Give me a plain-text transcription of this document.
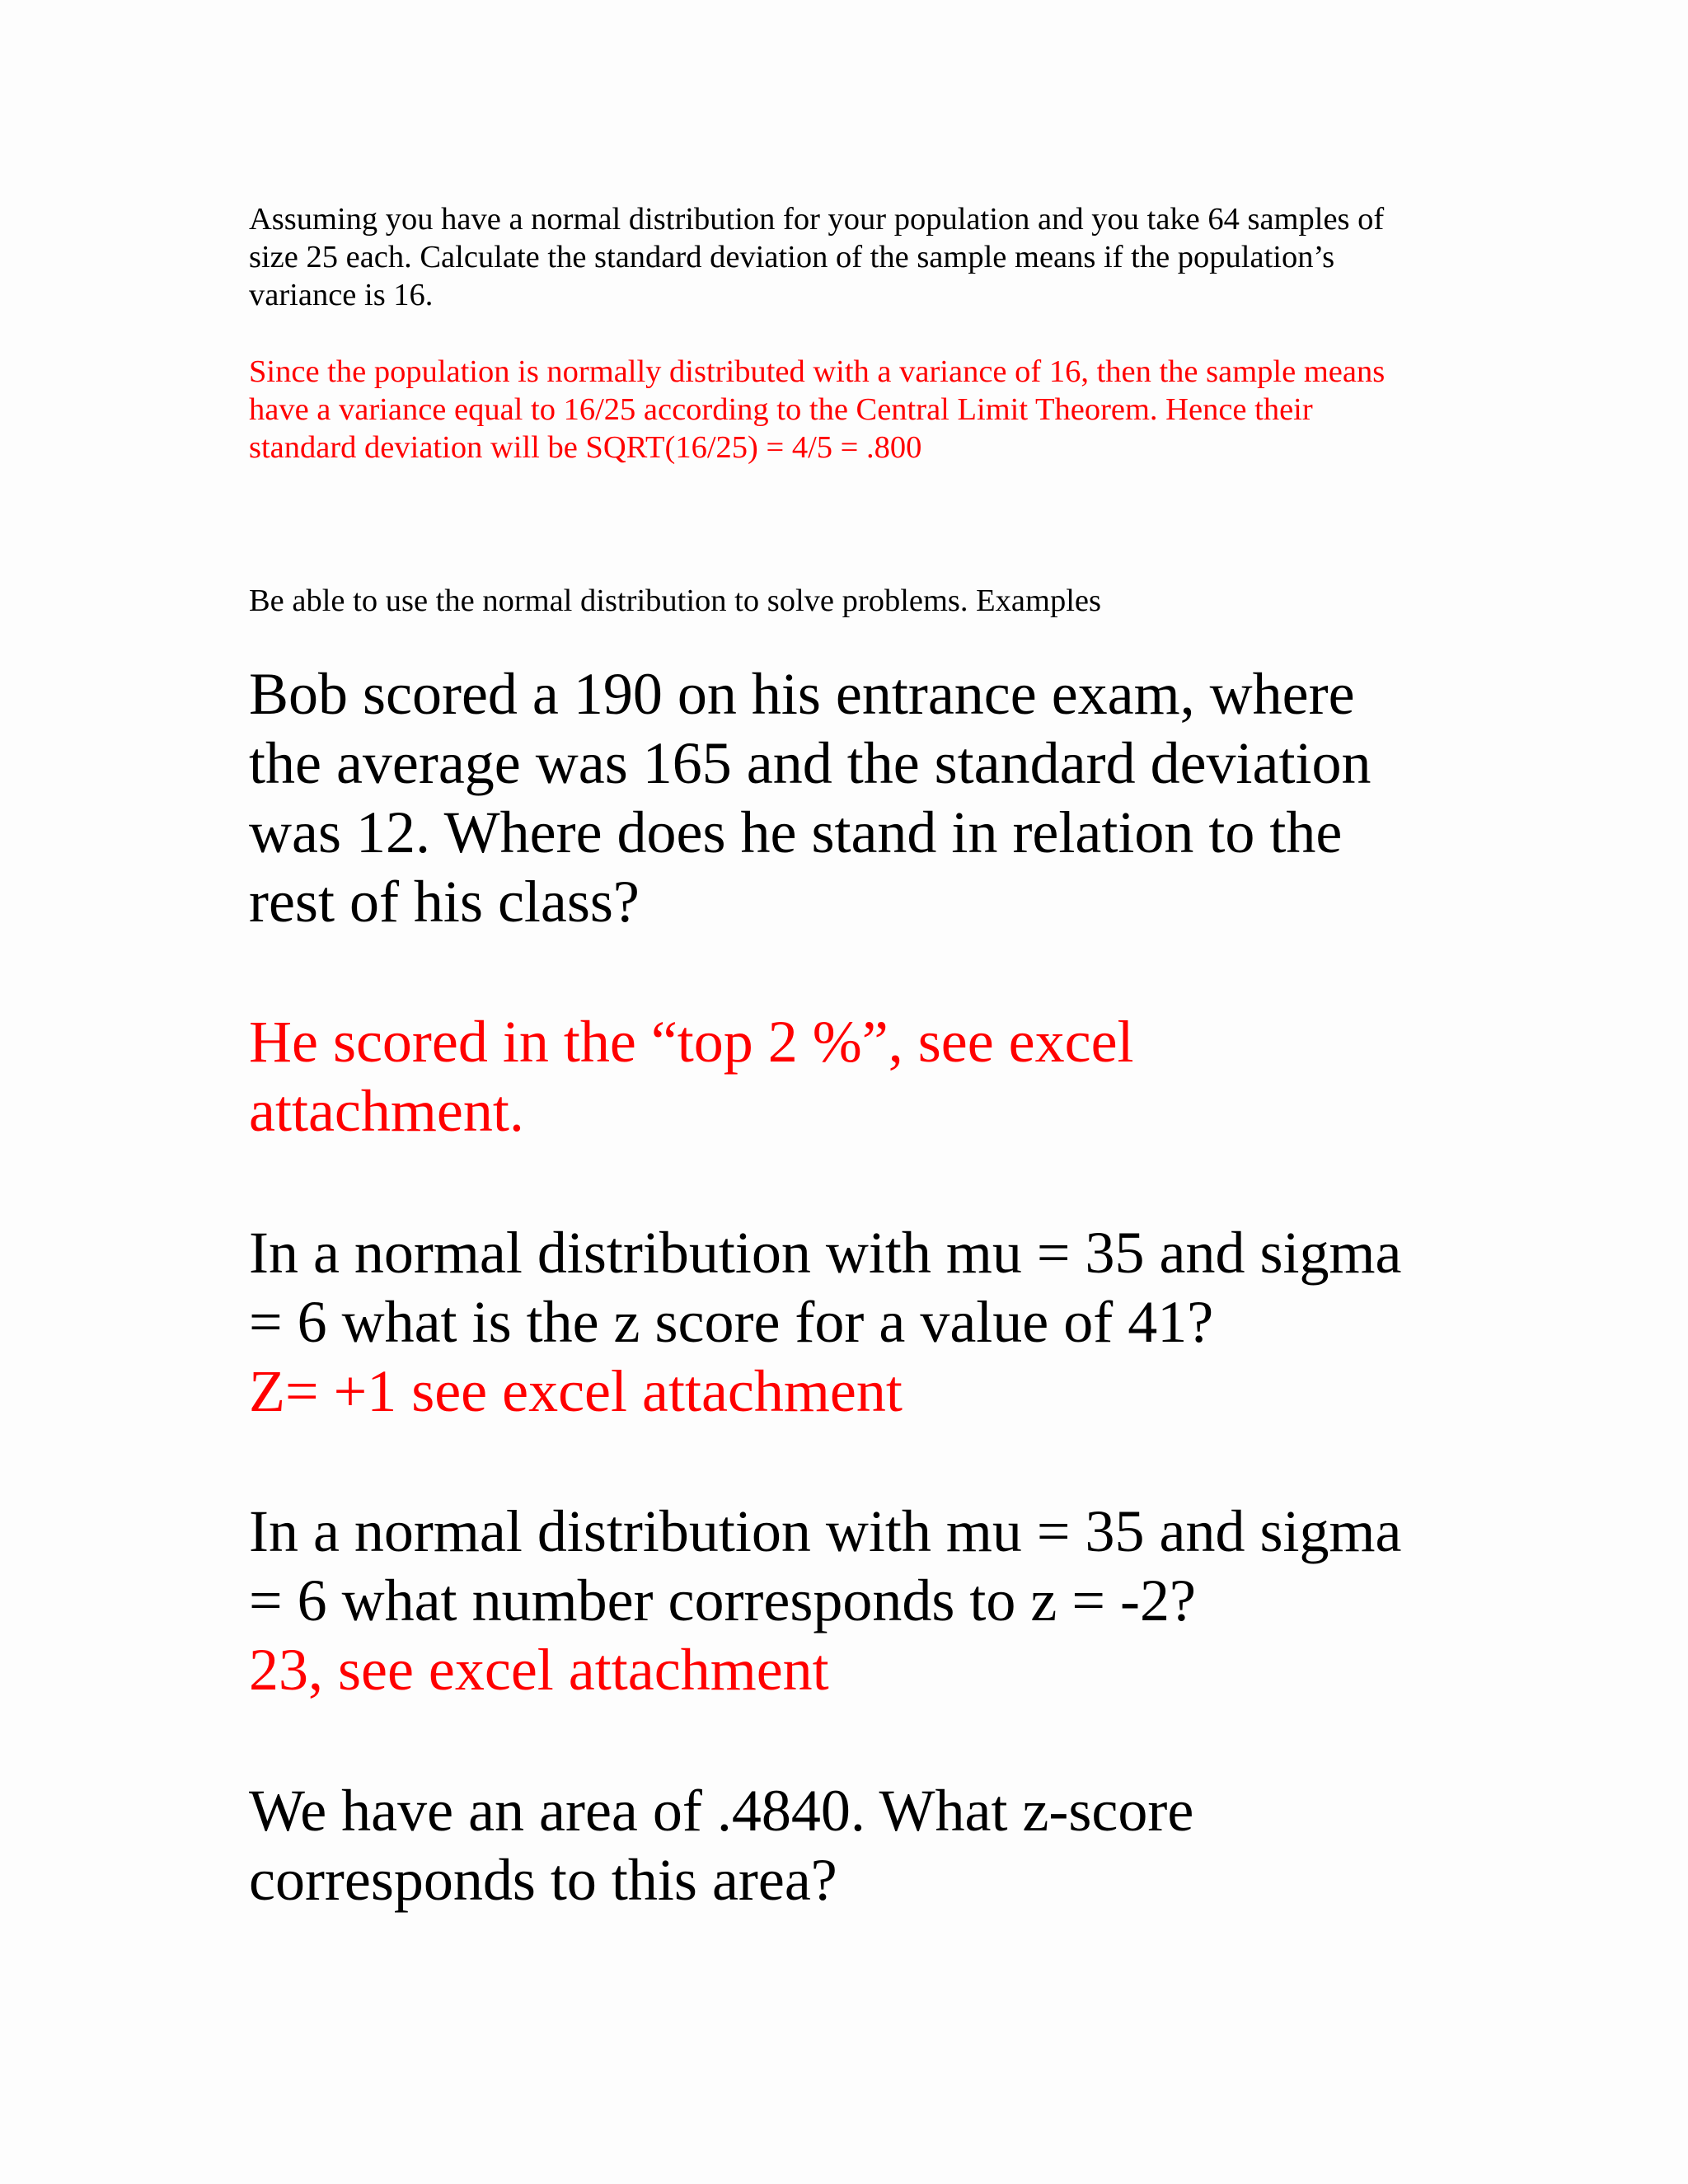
Assuming you have a normal distribution for your population and you take 64 samples of
size 25 each. Calculate the standard deviation of the sample means if the population’s
variance is 16.

Since the population is normally distributed with a variance of 16, then the sample means
have a variance equal to 16/25 according to the Central Limit Theorem. Hence their
standard deviation will be SQRT(16/25) = 4/5 = .800

Be able to use the normal distribution to solve problems. Examples

Bob scored a 190 on his entrance exam, where
the average was 165 and the standard deviation
was 12. Where does he stand in relation to the
rest of his class?

He scored in the “top 2 %”, see excel
attachment.

In a normal distribution with mu = 35 and sigma
= 6 what is the z score for a value of 41?

Z= +1 see excel attachment

In a normal distribution with mu = 35 and sigma
= 6 what number corresponds to z = -2?

23, see excel attachment

We have an area of .4840. What z-score
corresponds to this area?
